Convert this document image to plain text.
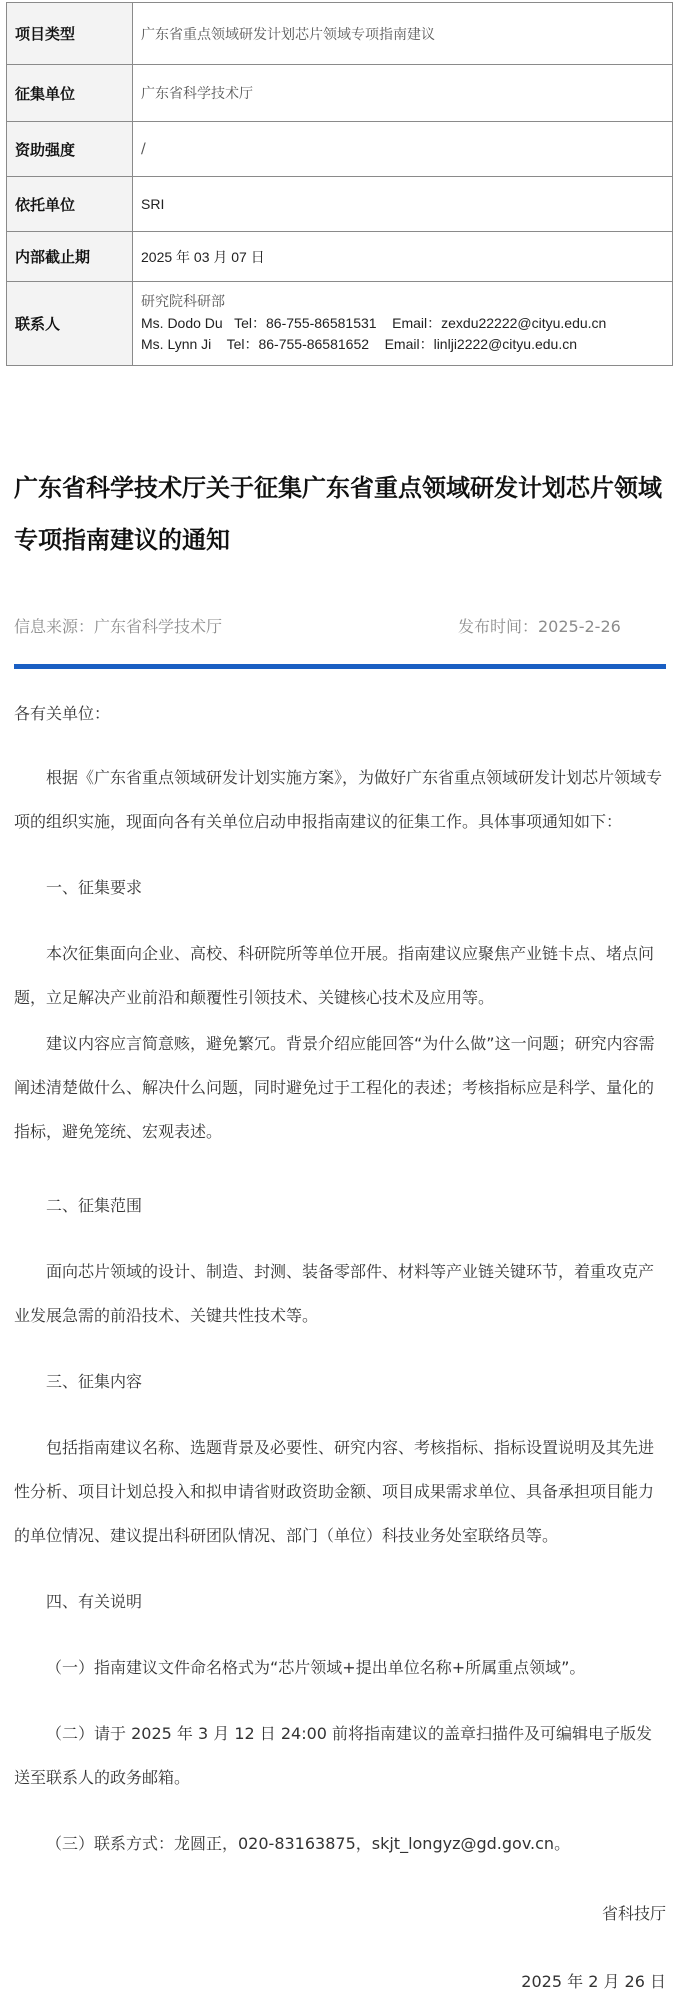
项目类型	广东省重点领域研发计划芯片领域专项指南建议
征集单位	广东省科学技术厅
资助强度	/
依托单位	SRI
内部截止期	2025 年 03 月 07 日
联系人	研究院科研部
Ms. Dodo Du   Tel：86-755-86581531    Email：zexdu22222@cityu.edu.cn
Ms. Lynn Ji    Tel：86-755-86581652    Email：linlji2222@cityu.edu.cn
广东省科学技术厅关于征集广东省重点领域研发计划芯片领域专项指南建议的通知
信息来源：广东省科学技术厅	发布时间：2025-2-26

各有关单位：

根据《广东省重点领域研发计划实施方案》，为做好广东省重点领域研发计划芯片领域专项的组织实施，现面向各有关单位启动申报指南建议的征集工作。具体事项通知如下：

一、征集要求

本次征集面向企业、高校、科研院所等单位开展。指南建议应聚焦产业链卡点、堵点问题，立足解决产业前沿和颠覆性引领技术、关键核心技术及应用等。

建议内容应言简意赅，避免繁冗。背景介绍应能回答“为什么做”这一问题；研究内容需阐述清楚做什么、解决什么问题，同时避免过于工程化的表述；考核指标应是科学、量化的指标，避免笼统、宏观表述。

二、征集范围

面向芯片领域的设计、制造、封测、装备零部件、材料等产业链关键环节，着重攻克产业发展急需的前沿技术、关键共性技术等。

三、征集内容

包括指南建议名称、选题背景及必要性、研究内容、考核指标、指标设置说明及其先进性分析、项目计划总投入和拟申请省财政资助金额、项目成果需求单位、具备承担项目能力的单位情况、建议提出科研团队情况、部门（单位）科技业务处室联络员等。

四、有关说明

（一）指南建议文件命名格式为“芯片领域+提出单位名称+所属重点领域”。

（二）请于 2025 年 3 月 12 日 24:00 前将指南建议的盖章扫描件及可编辑电子版发送至联系人的政务邮箱。

（三）联系方式：龙圆正，020-83163875，skjt_longyz@gd.gov.cn。

省科技厅

2025 年 2 月 26 日
